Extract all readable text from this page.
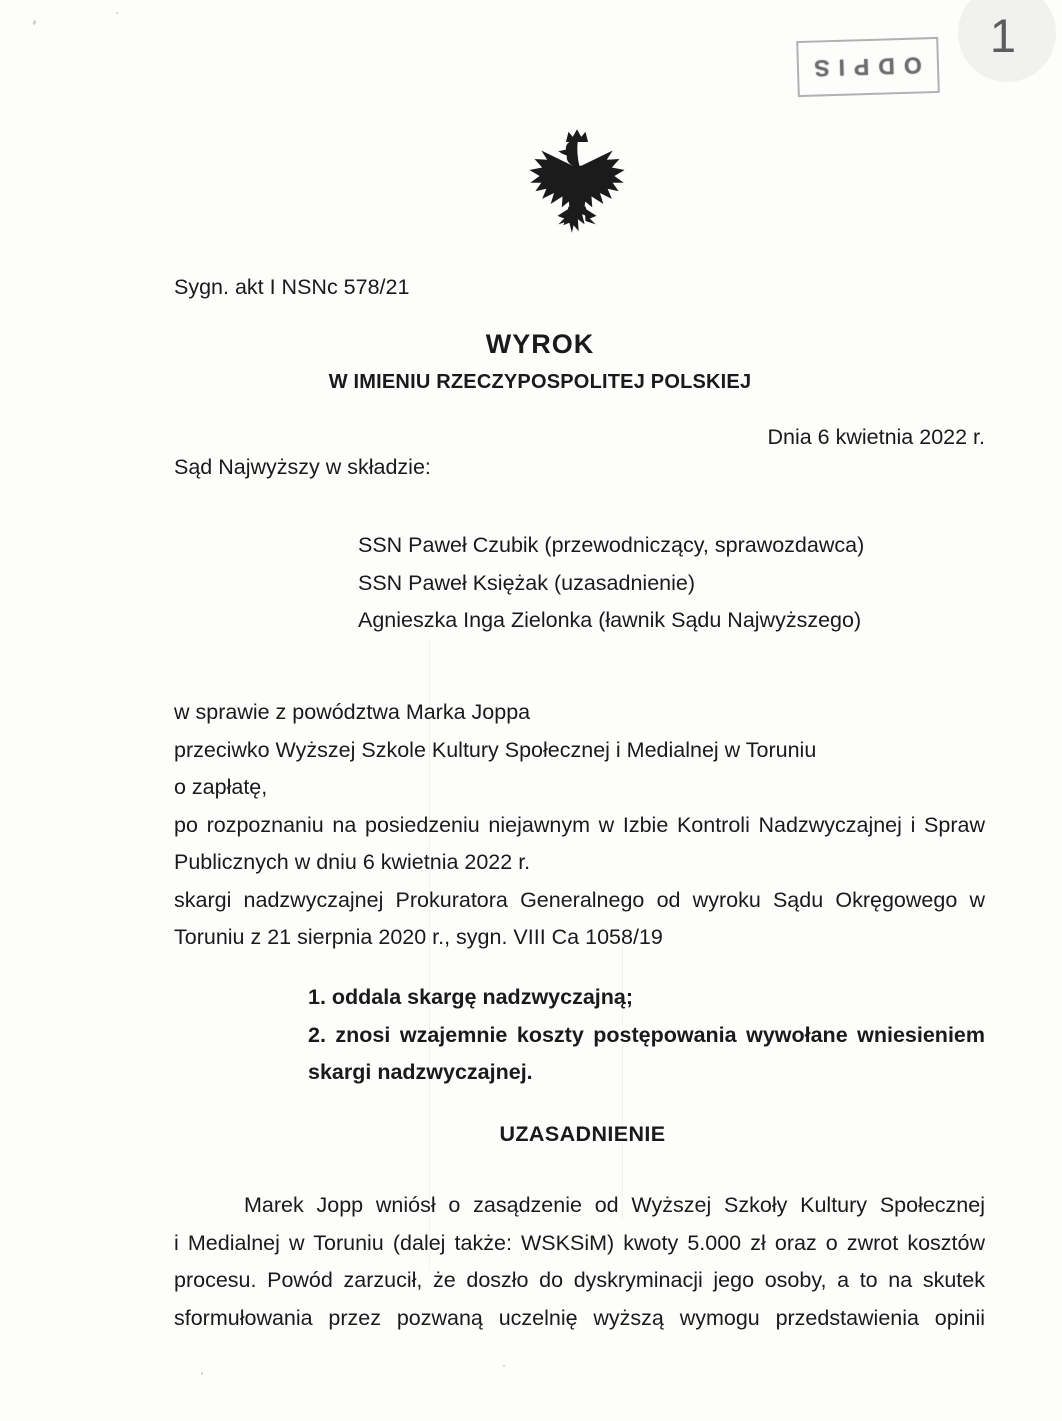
1
ODPIS
Sygn. akt I NSNc 578/21
WYROK
W IMIENIU RZECZYPOSPOLITEJ POLSKIEJ
Dnia 6 kwietnia 2022 r.
Sąd Najwyższy w składzie:
SSN Paweł Czubik (przewodniczący, sprawozdawca)
SSN Paweł Księżak (uzasadnienie)
Agnieszka Inga Zielonka (ławnik Sądu Najwyższego)
w sprawie z powództwa Marka Joppa
przeciwko Wyższej Szkole Kultury Społecznej i Medialnej w Toruniu
o zapłatę,
po rozpoznaniu na posiedzeniu niejawnym w Izbie Kontroli Nadzwyczajnej i Spraw
Publicznych w dniu 6 kwietnia 2022 r.
skargi nadzwyczajnej Prokuratora Generalnego od wyroku Sądu Okręgowego w
Toruniu z 21 sierpnia 2020 r., sygn. VIII Ca 1058/19
1. oddala skargę nadzwyczajną;
2. znosi wzajemnie koszty postępowania wywołane wniesieniem
skargi nadzwyczajnej.
UZASADNIENIE
Marek Jopp wniósł o zasądzenie od Wyższej Szkoły Kultury Społecznej
i Medialnej w Toruniu (dalej także: WSKSiM) kwoty 5.000 zł oraz o zwrot kosztów
procesu. Powód zarzucił, że doszło do dyskryminacji jego osoby, a to na skutek
sformułowania przez pozwaną uczelnię wyższą wymogu przedstawienia opinii
